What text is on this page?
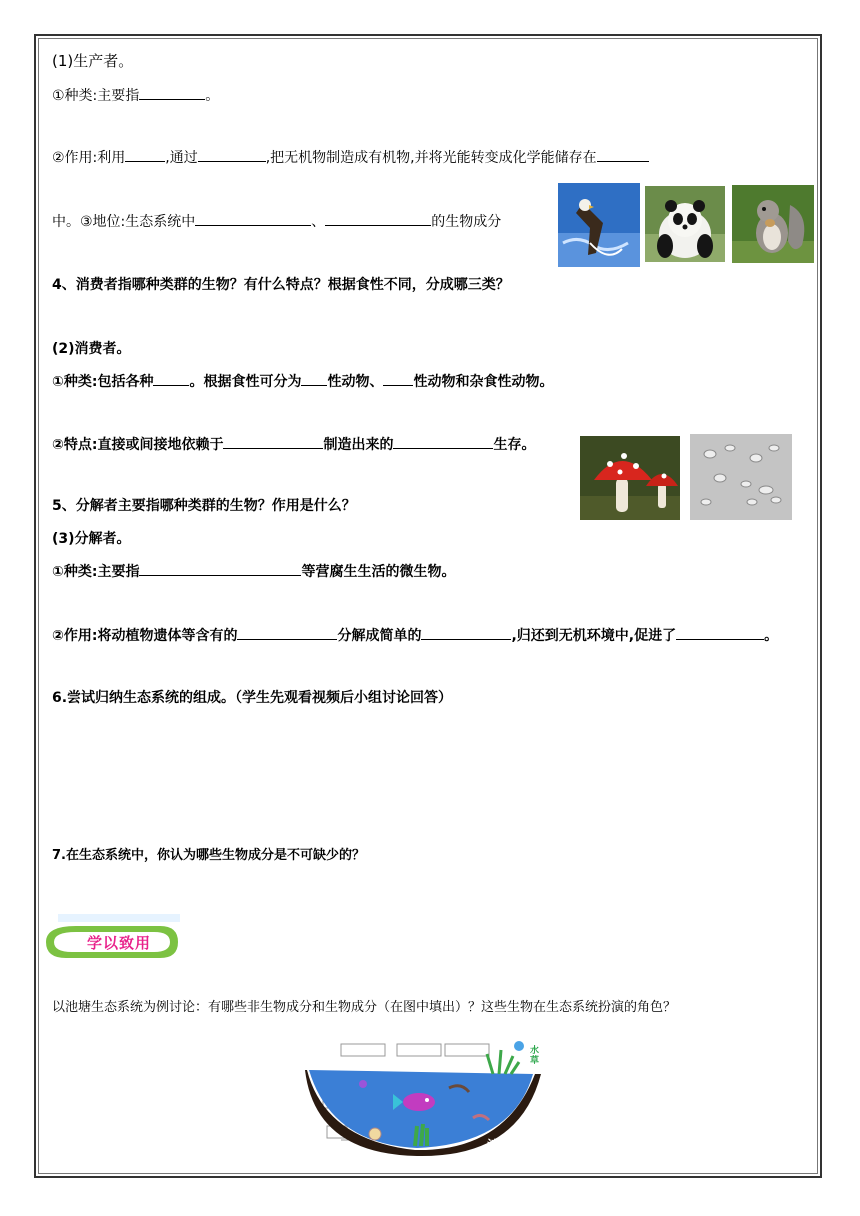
(1)生产者。
①种类:主要指	。
②作用:利用	,通过	,把无机物制造成有机物,并将光能转变成化学能储存在
中。③地位:生态系统中	、	的生物成分
4、消费者指哪种类群的生物？有什么特点？根据食性不同，分成哪三类？
(2)消费者。
①种类:包括各种	。根据食性可分为 性动物、 性动物和杂食性动物。
②特点:直接或间接地依赖于	制造出来的	生存。
5、分解者主要指哪种类群的生物？作用是什么？
(3)分解者。
①种类:主要指	等营腐生生活的微生物。
②作用:将动植物遗体等含有的	分解成简单的	,归还到无机环境中,促进了	。
6.尝试归纳生态系统的组成。（学生先观看视频后小组讨论回答）
7.在生态系统中，你认为哪些生物成分是不可缺少的？
学以致用
以池塘生态系统为例讨论：有哪些非生物成分和生物成分（在图中填出）？这些生物在生态系统扮演的角色？
池塘
水
草
